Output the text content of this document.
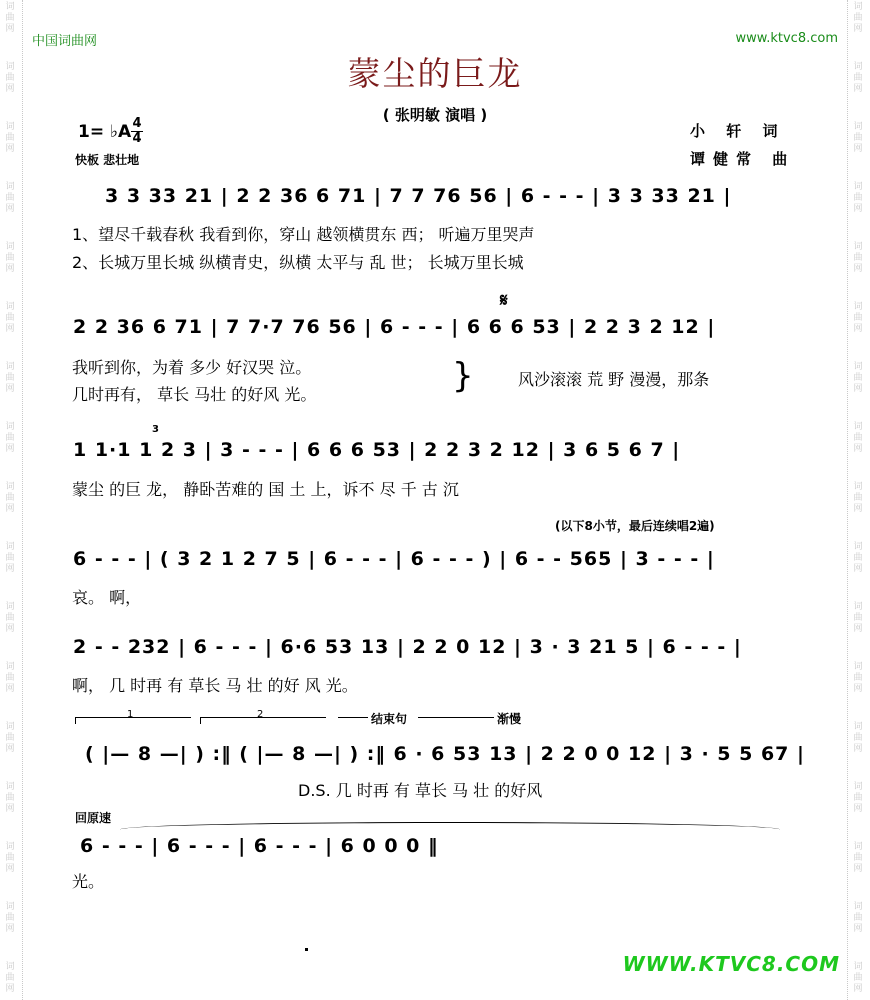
词曲网
词曲网
词曲网
词曲网
词曲网
词曲网
词曲网
词曲网
词曲网
词曲网
词曲网
词曲网
词曲网
词曲网
词曲网
词曲网
词曲网
词曲网
词曲网
词曲网
词曲网
词曲网
词曲网
词曲网
词曲网
词曲网
词曲网
词曲网
词曲网
词曲网
词曲网
词曲网
词曲网
词曲网
中国词曲网	www.ktvc8.com
蒙尘的巨龙
( 张明敏 演唱 )
小 轩 词
谭健常 曲
1= ♭A 4
4
快板 悲壮地
3 3 33 21 | 2 2 36 6 71 | 7 7 76 56 | 6 - - - | 3 3 33 21 |
1、望尽千载春秋 我看到你，穿山 越领横贯东 西； 听遍万里哭声
2、长城万里长城 纵横青史，纵横 太平与 乱 世； 长城万里长城
𝄋
2 2 36 6 71 | 7 7·7 76 56 | 6 - - - | 6 6 6 53 | 2 2 3 2 12 |
我听到你，为着 多少 好汉哭 泣。
几时再有， 草长 马壮 的好风 光。	}	风沙滚滚 荒 野 漫漫，那条
3
1 1·1 1 2 3 | 3 - - - | 6 6 6 53 | 2 2 3 2 12 | 3 6 5 6 7 |
蒙尘 的巨 龙， 静卧苦难的 国 土 上，诉不 尽 千 古 沉
(以下8小节，最后连续唱2遍)
6 - - - | ( 3 2 1 2 7 5 | 6 - - - | 6 - - - ) | 6 - - 565 | 3 - - - |
哀。 啊，
2 - - 232 | 6 - - - | 6·6 53 13 | 2 2 0 12 | 3 · 3 21 5 | 6 - - - |
啊， 几 时再 有 草长 马 壮 的好 风 光。
1	2	结束句	渐慢
( |— 8 —| ) :‖ ( |— 8 —| ) :‖ 6 · 6 53 13 | 2 2 0 0 12 | 3 · 5 5 67 |
D.S. 几 时再 有 草长 马 壮 的好风
回原速
6 - - - | 6 - - - | 6 - - - | 6 0 0 0 ‖
光。
WWW.KTVC8.COM
